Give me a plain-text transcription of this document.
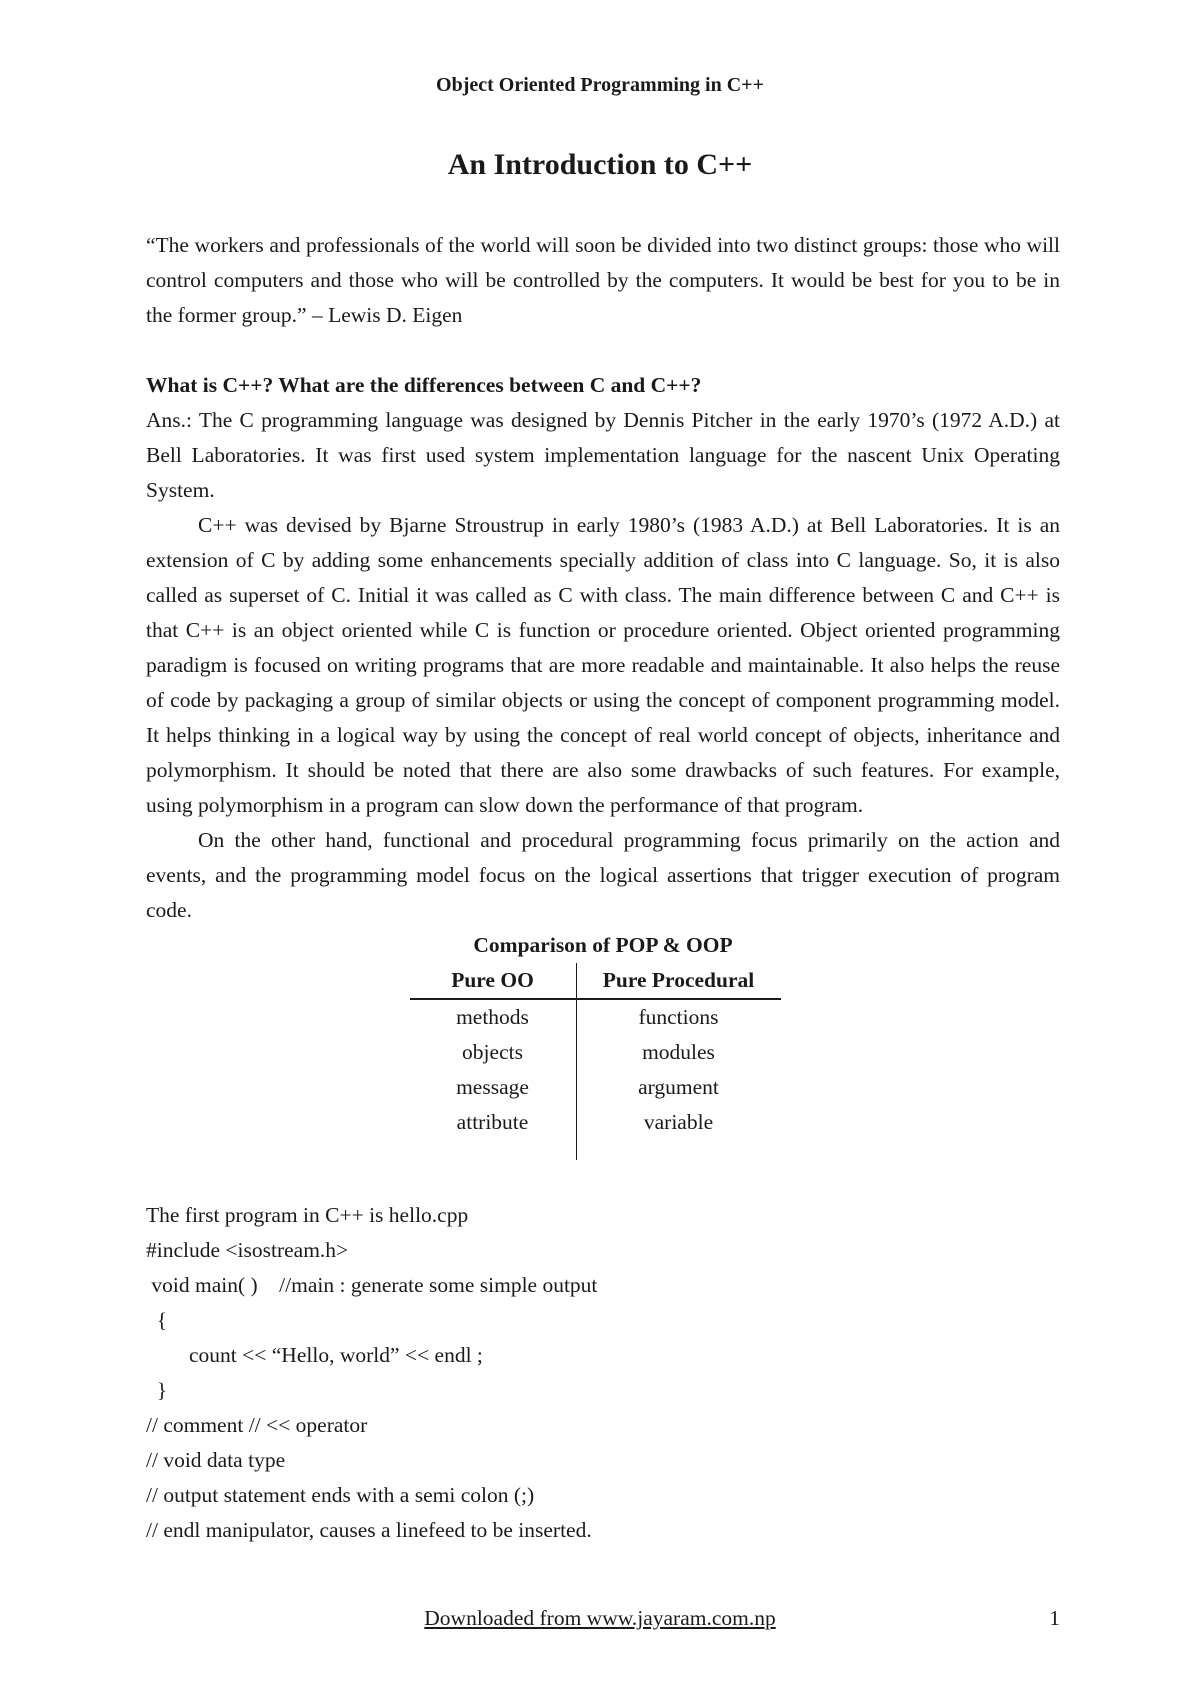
Object Oriented Programming in C++
An Introduction to C++

“The workers and professionals of the world will soon be divided into two distinct groups: those who will control computers and those who will be controlled by the computers. It would be best for you to be in the former group.” – Lewis D. Eigen

What is C++? What are the differences between C and C++?

Ans.: The C programming language was designed by Dennis Pitcher in the early 1970’s (1972 A.D.) at Bell Laboratories. It was first used system implementation language for the nascent Unix Operating System.

C++ was devised by Bjarne Stroustrup in early 1980’s (1983 A.D.) at Bell Laboratories. It is an extension of C by adding some enhancements specially addition of class into C language. So, it is also called as superset of C. Initial it was called as C with class. The main difference between C and C++ is that C++ is an object oriented while C is function or procedure oriented. Object oriented programming paradigm is focused on writing programs that are more readable and maintainable. It also helps the reuse of code by packaging a group of similar objects or using the concept of component programming model. It helps thinking in a logical way by using the concept of real world concept of objects, inheritance and polymorphism. It should be noted that there are also some drawbacks of such features. For example, using polymorphism in a program can slow down the performance of that program.

On the other hand, functional and procedural programming focus primarily on the action and events, and the programming model focus on the logical assertions that trigger execution of program code.

Comparison of POP & OOP
Pure OO	Pure Procedural
methods	functions
objects	modules
message	argument
attribute	variable

The first program in C++ is hello.cpp

#include <isostream.h>
void main( )    //main : generate some simple output
{
count << “Hello, world” << endl ;
}
// comment // << operator
// void data type
// output statement ends with a semi colon (;)
// endl manipulator, causes a linefeed to be inserted.
Downloaded from www.jayaram.com.np	1
